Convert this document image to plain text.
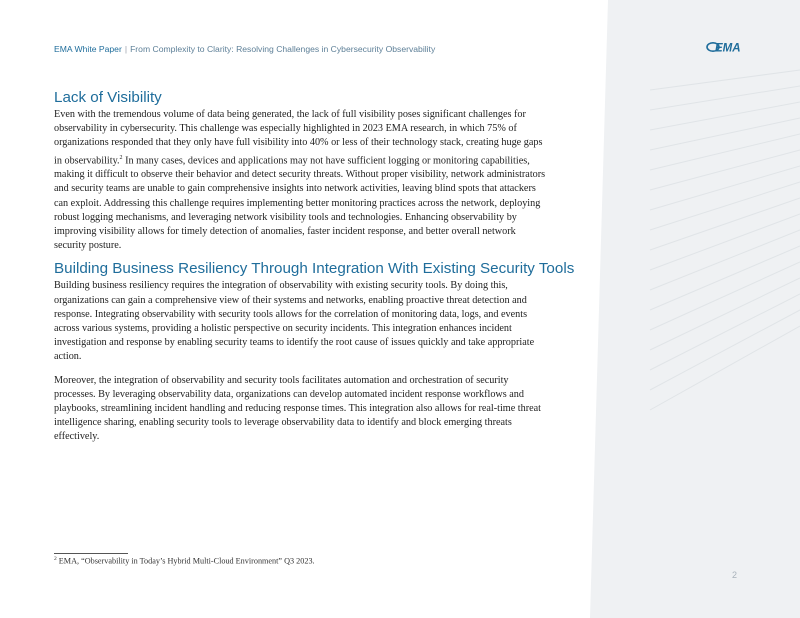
EMA White Paper | From Complexity to Clarity: Resolving Challenges in Cybersecurity Observability	EMA
Lack of Visibility

Even with the tremendous volume of data being generated, the lack of full visibility poses significant challenges for observability in cybersecurity. This challenge was especially highlighted in 2023 EMA research, in which 75% of organizations responded that they only have full visibility into 40% or less of their technology stack, creating huge gaps in observability.$^2$ In many cases, devices and applications may not have sufficient logging or monitoring capabilities, making it difficult to observe their behavior and detect security threats. Without proper visibility, network administrators and security teams are unable to gain comprehensive insights into network activities, leaving blind spots that attackers can exploit. Addressing this challenge requires implementing better monitoring practices across the network, deploying robust logging mechanisms, and leveraging network visibility tools and technologies. Enhancing observability by improving visibility allows for timely detection of anomalies, faster incident response, and better overall network security posture.

Building Business Resiliency Through Integration With Existing Security Tools

Building business resiliency requires the integration of observability with existing security tools. By doing this, organizations can gain a comprehensive view of their systems and networks, enabling proactive threat detection and response. Integrating observability with security tools allows for the correlation of monitoring data, logs, and events across various systems, providing a holistic perspective on security incidents. This integration enhances incident investigation and response by enabling security teams to identify the root cause of issues quickly and take appropriate action.

Moreover, the integration of observability and security tools facilitates automation and orchestration of security processes. By leveraging observability data, organizations can develop automated incident response workflows and playbooks, streamlining incident handling and reducing response times. This integration also allows for real-time threat intelligence sharing, enabling security tools to leverage observability data to identify and block emerging threats effectively.

$^2$ EMA, “Observability in Today’s Hybrid Multi-Cloud Environment” Q3 2023.
2
